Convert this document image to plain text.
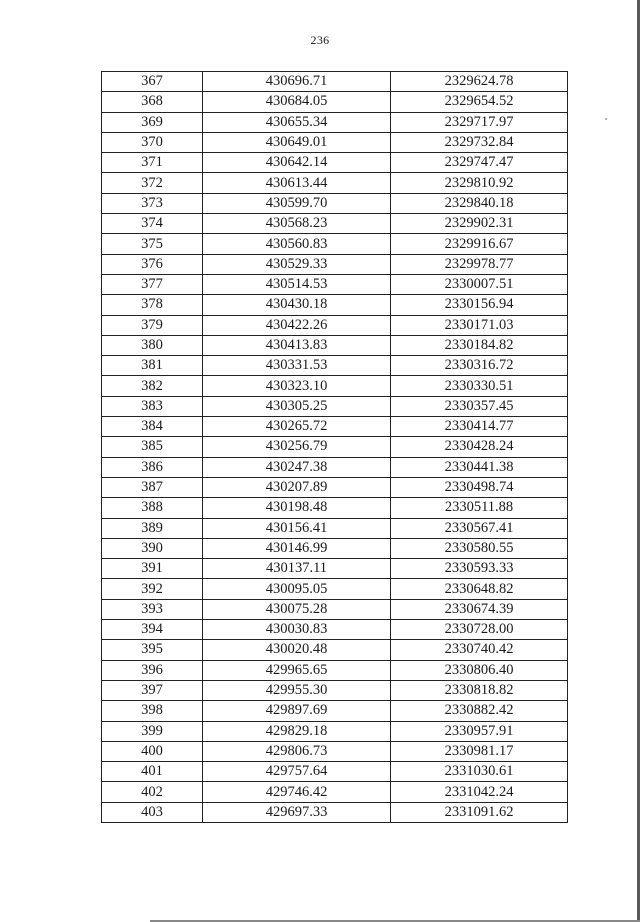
236
367	430696.71	2329624.78
368	430684.05	2329654.52
369	430655.34	2329717.97
370	430649.01	2329732.84
371	430642.14	2329747.47
372	430613.44	2329810.92
373	430599.70	2329840.18
374	430568.23	2329902.31
375	430560.83	2329916.67
376	430529.33	2329978.77
377	430514.53	2330007.51
378	430430.18	2330156.94
379	430422.26	2330171.03
380	430413.83	2330184.82
381	430331.53	2330316.72
382	430323.10	2330330.51
383	430305.25	2330357.45
384	430265.72	2330414.77
385	430256.79	2330428.24
386	430247.38	2330441.38
387	430207.89	2330498.74
388	430198.48	2330511.88
389	430156.41	2330567.41
390	430146.99	2330580.55
391	430137.11	2330593.33
392	430095.05	2330648.82
393	430075.28	2330674.39
394	430030.83	2330728.00
395	430020.48	2330740.42
396	429965.65	2330806.40
397	429955.30	2330818.82
398	429897.69	2330882.42
399	429829.18	2330957.91
400	429806.73	2330981.17
401	429757.64	2331030.61
402	429746.42	2331042.24
403	429697.33	2331091.62
